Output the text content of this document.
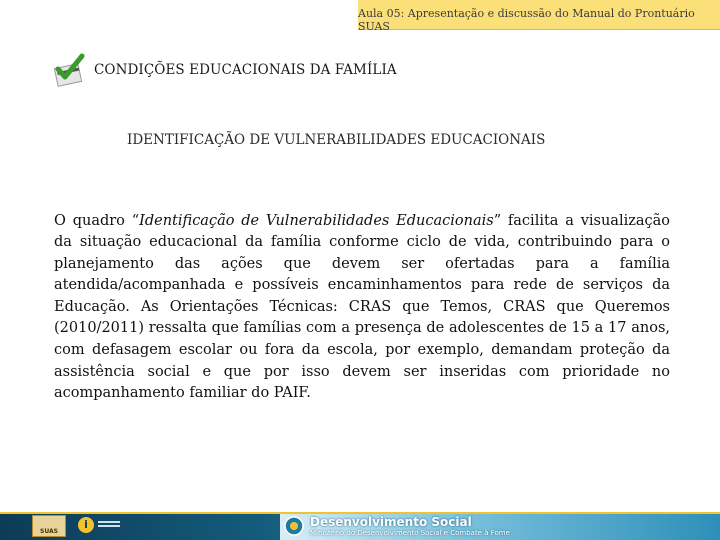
Aula 05: Apresentação e discussão do Manual do Prontuário SUAS
CONDIÇÕES EDUCACIONAIS DA FAMÍLIA
IDENTIFICAÇÃO DE VULNERABILIDADES EDUCACIONAIS

O quadro “Identificação de Vulnerabilidades Educacionais” facilita a visualização da situação educacional da família conforme ciclo de vida, contribuindo para o planejamento das ações que devem ser ofertadas para a família atendida/acompanhada e possíveis encaminhamentos para rede de serviços da Educação. As Orientações Técnicas: CRAS que Temos, CRAS que Queremos (2010/2011) ressalta que famílias com a presença de adolescentes de 15 a 17 anos, com defasagem escolar ou fora da escola, por exemplo, demandam proteção da assistência social e que por isso devem ser inseridas com prioridade no acompanhamento familiar do PAIF.

SUAS
i	Desenvolvimento Social
Ministério do Desenvolvimento Social e Combate à Fome
